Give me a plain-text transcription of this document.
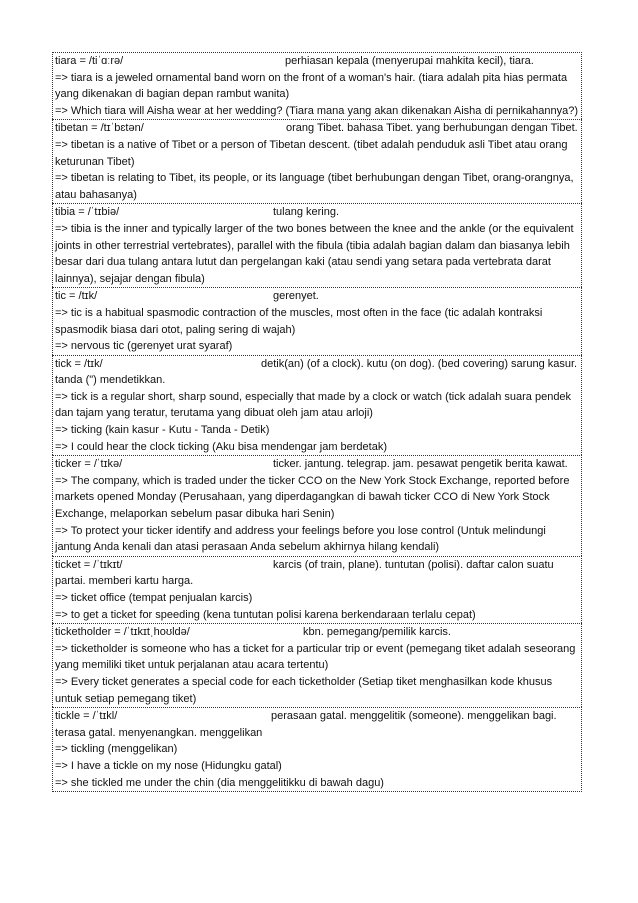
tiara = /tiˈɑːrə/	perhiasan kepala (menyerupai mahkita kecil), tiara.
=> tiara is a jeweled ornamental band worn on the front of a woman's hair. (tiara adalah pita hias permata yang dikenakan di bagian depan rambut wanita)
=> Which tiara will Aisha wear at her wedding? (Tiara mana yang akan dikenakan Aisha di pernikahannya?)
tibetan = /tɪˈbɛtən/	orang Tibet. bahasa Tibet. yang berhubungan dengan Tibet.
=> tibetan is a native of Tibet or a person of Tibetan descent. (tibet adalah penduduk asli Tibet atau orang keturunan Tibet)
=> tibetan is relating to Tibet, its people, or its language (tibet berhubungan dengan Tibet, orang-orangnya, atau bahasanya)
tibia = /ˈtɪbiə/	tulang kering.
=> tibia is the inner and typically larger of the two bones between the knee and the ankle (or the equivalent joints in other terrestrial vertebrates), parallel with the fibula (tibia adalah bagian dalam dan biasanya lebih besar dari dua tulang antara lutut dan pergelangan kaki (atau sendi yang setara pada vertebrata darat lainnya), sejajar dengan fibula)
tic = /tɪk/	gerenyet.
=> tic is a habitual spasmodic contraction of the muscles, most often in the face (tic adalah kontraksi spasmodik biasa dari otot, paling sering di wajah)
=> nervous tic (gerenyet urat syaraf)
tick = /tɪk/	detik(an) (of a clock). kutu (on dog). (bed covering) sarung kasur. tanda (") mendetikkan.
=> tick is a regular short, sharp sound, especially that made by a clock or watch (tick adalah suara pendek dan tajam yang teratur, terutama yang dibuat oleh jam atau arloji)
=> ticking (kain kasur - Kutu - Tanda - Detik)
=> I could hear the clock ticking (Aku bisa mendengar jam berdetak)
ticker = /ˈtɪkə/	ticker. jantung. telegrap. jam. pesawat pengetik berita kawat.
=> The company, which is traded under the ticker CCO on the New York Stock Exchange, reported before markets opened Monday (Perusahaan, yang diperdagangkan di bawah ticker CCO di New York Stock Exchange, melaporkan sebelum pasar dibuka hari Senin)
=> To protect your ticker identify and address your feelings before you lose control (Untuk melindungi jantung Anda kenali dan atasi perasaan Anda sebelum akhirnya hilang kendali)
ticket = /ˈtɪkɪt/	karcis (of train, plane). tuntutan (polisi). daftar calon suatu partai. memberi kartu harga.
=> ticket office (tempat penjualan karcis)
=> to get a ticket for speeding (kena tuntutan polisi karena berkendaraan terlalu cepat)
ticketholder = /ˈtɪkɪtˌhoʊldə/	kbn. pemegang/pemilik karcis.
=> ticketholder is someone who has a ticket for a particular trip or event (pemegang tiket adalah seseorang yang memiliki tiket untuk perjalanan atau acara tertentu)
=> Every ticket generates a special code for each ticketholder (Setiap tiket menghasilkan kode khusus untuk setiap pemegang tiket)
tickle = /ˈtɪkl/	perasaan gatal. menggelitik (someone). menggelikan bagi. terasa gatal. menyenangkan. menggelikan
=> tickling (menggelikan)
=> I have a tickle on my nose (Hidungku gatal)
=> she tickled me under the chin (dia menggelitikku di bawah dagu)
